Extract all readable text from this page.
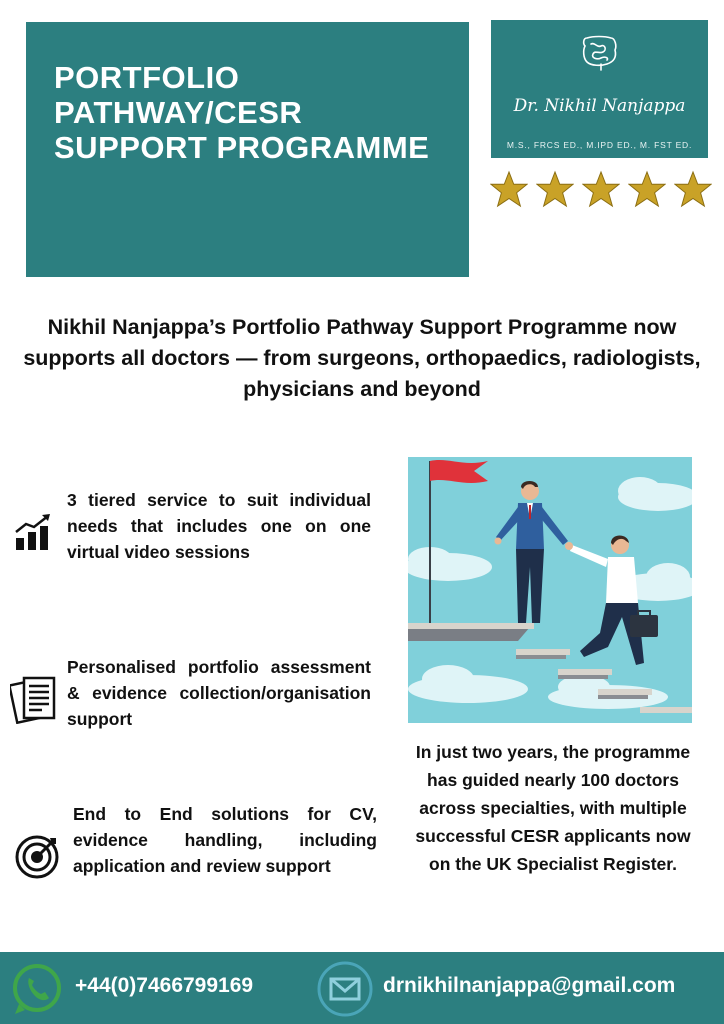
PORTFOLIO PATHWAY/CESR SUPPORT PROGRAMME
Dr. Nikhil Nanjappa
M.S., FRCS ED., M.IPD ED., M. FST ED.

Nikhil Nanjappa’s Portfolio Pathway Support Programme now supports all doctors — from surgeons, orthopaedics, radiologists, physicians and beyond

3 tiered service to suit individual needs that includes one on one virtual video sessions

Personalised portfolio assessment & evidence collection/organisation support

End to End solutions for CV, evidence handling, including application and review support

In just two years, the programme has guided nearly 100 doctors across specialties, with multiple successful CESR applicants now on the UK Specialist Register.

+44(0)7466799169	drnikhilnanjappa@gmail.com
